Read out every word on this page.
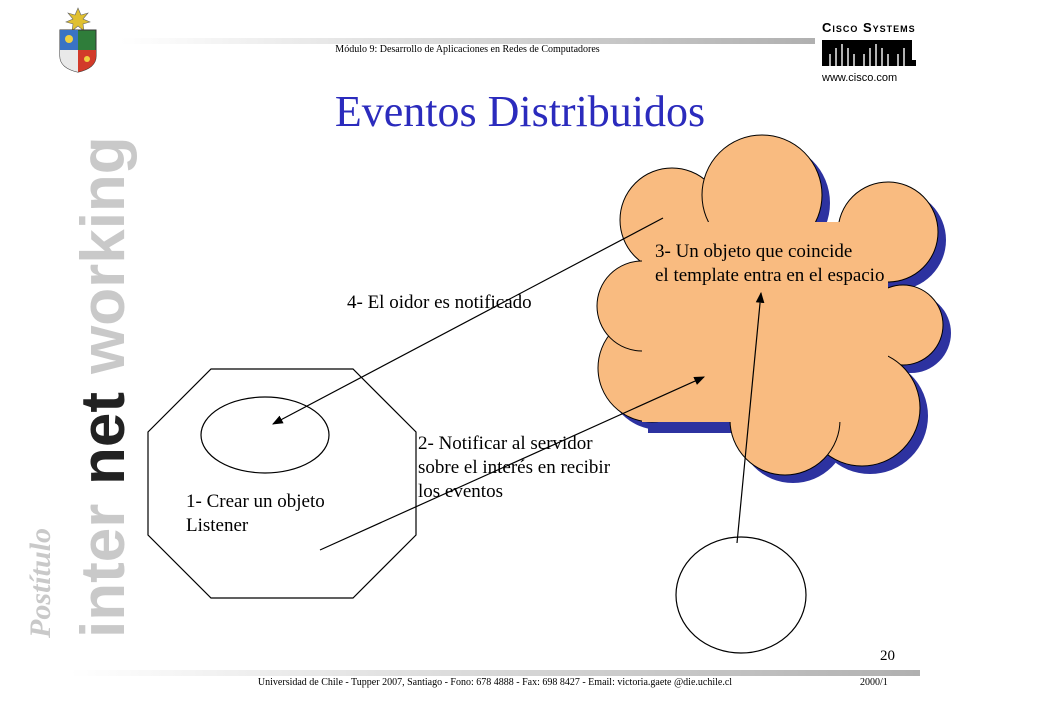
Módulo 9: Desarrollo de Aplicaciones en Redes de Computadores
Cisco Systems
www.cisco.com
inter
net
working
Postítulo
Eventos Distribuidos
3- Un objeto que coincide
el template entra en el espacio
4- El oidor es notificado
2- Notificar al servidor
sobre el interés en recibir
los eventos
1- Crear un objeto
Listener
20
Universidad de Chile - Tupper 2007, Santiago - Fono: 678 4888 - Fax: 698 8427 - Email: victoria.gaete @die.uchile.cl	2000/1
